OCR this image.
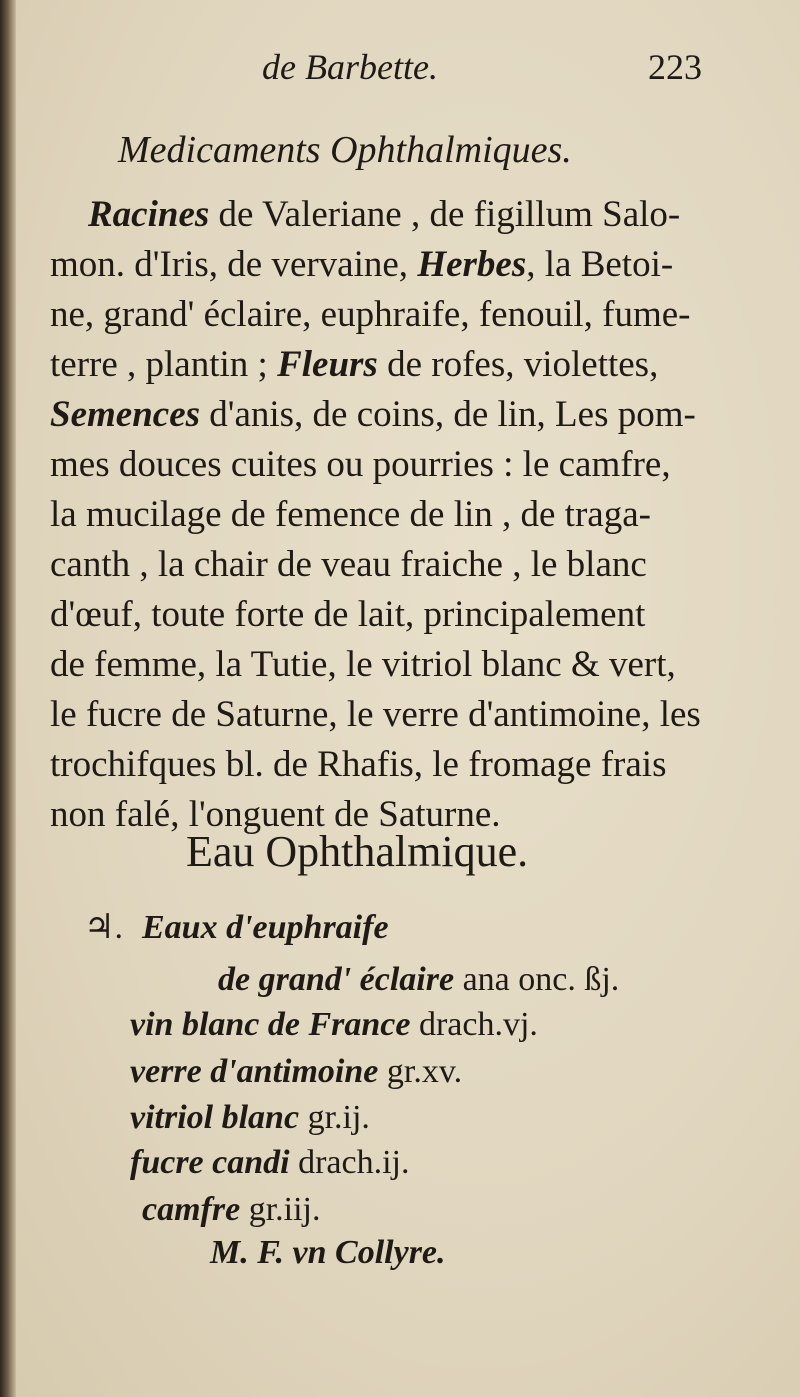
de Barbette.	223
Medicaments Ophthalmiques.
Racines de Valeriane , de figillum Salo-
mon. d'Iris, de vervaine, Herbes, la Betoi-
ne, grand' éclaire, euphraife, fenouil, fume-
terre , plantin ; Fleurs de rofes, violettes,
Semences d'anis, de coins, de lin, Les pom-
mes douces cuites ou pourries : le camfre,
la mucilage de femence de lin , de traga-
canth , la chair de veau fraiche , le blanc
d'œuf, toute forte de lait, principalement
de femme, la Tutie, le vitriol blanc & vert,
le fucre de Saturne, le verre d'antimoine, les
trochifques bl. de Rhafis, le fromage frais
non falé, l'onguent de Saturne.
Eau Ophthalmique.
♃. Eaux d'euphraife
de grand' éclaire ana onc. ßj.
vin blanc de France drach.vj.
verre d'antimoine gr.xv.
vitriol blanc gr.ij.
fucre candi drach.ij.
camfre gr.iij.
M. F. vn Collyre.
